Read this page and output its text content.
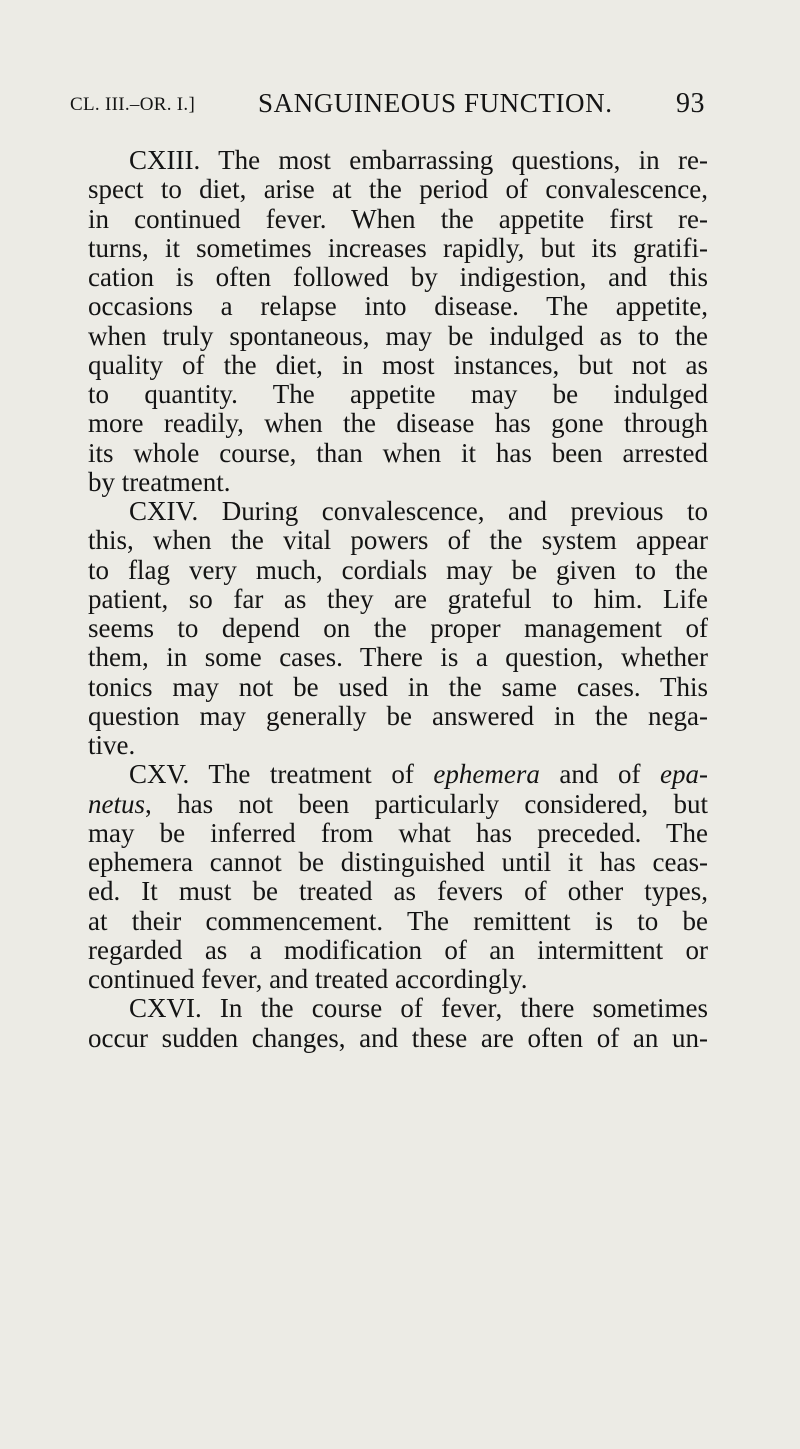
CL. III.–OR. I.] SANGUINEOUS FUNCTION. 93
CXIII. The most embarrassing questions, in re-
spect to diet, arise at the period of convalescence,
in continued fever. When the appetite first re-
turns, it sometimes increases rapidly, but its gratifi-
cation is often followed by indigestion, and this
occasions a relapse into disease. The appetite,
when truly spontaneous, may be indulged as to the
quality of the diet, in most instances, but not as
to quantity. The appetite may be indulged
more readily, when the disease has gone through
its whole course, than when it has been arrested
by treatment.
CXIV. During convalescence, and previous to
this, when the vital powers of the system appear
to flag very much, cordials may be given to the
patient, so far as they are grateful to him. Life
seems to depend on the proper management of
them, in some cases. There is a question, whether
tonics may not be used in the same cases. This
question may generally be answered in the nega-
tive.
CXV. The treatment of ephemera and of epa-
netus, has not been particularly considered, but
may be inferred from what has preceded. The
ephemera cannot be distinguished until it has ceas-
ed. It must be treated as fevers of other types,
at their commencement. The remittent is to be
regarded as a modification of an intermittent or
continued fever, and treated accordingly.
CXVI. In the course of fever, there sometimes
occur sudden changes, and these are often of an un-
